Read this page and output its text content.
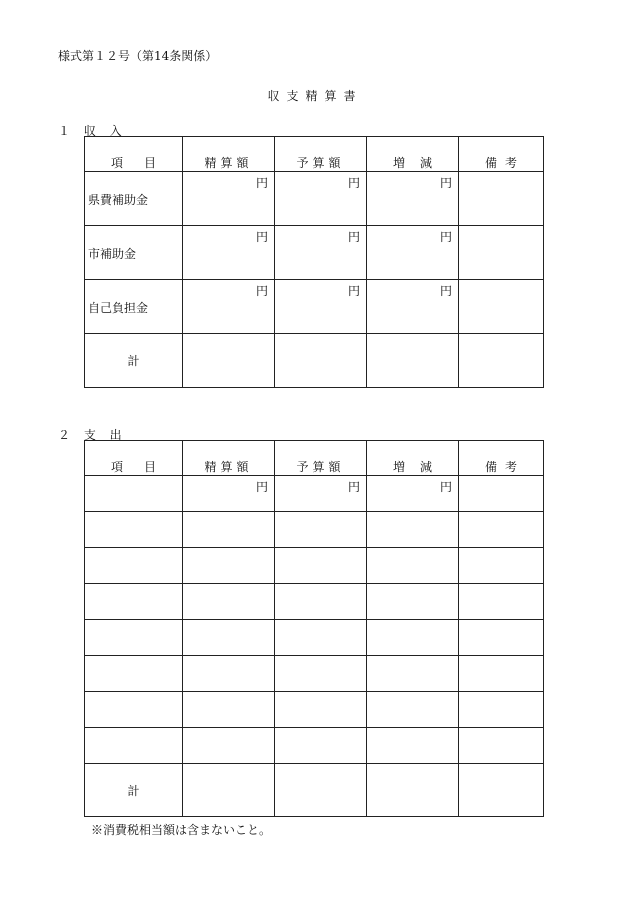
様式第１２号（第14条関係）
収支精算書
１ 収 入
項 目	精算額	予算額	増 減	備 考

県費補助金	円	円	円	

市補助金	円	円	円	

自己負担金	円	円	円	

計				
２ 支 出
項 目	精算額	予算額	増 減	備 考

	円	円	円	

計				
※消費税相当額は含まないこと。
